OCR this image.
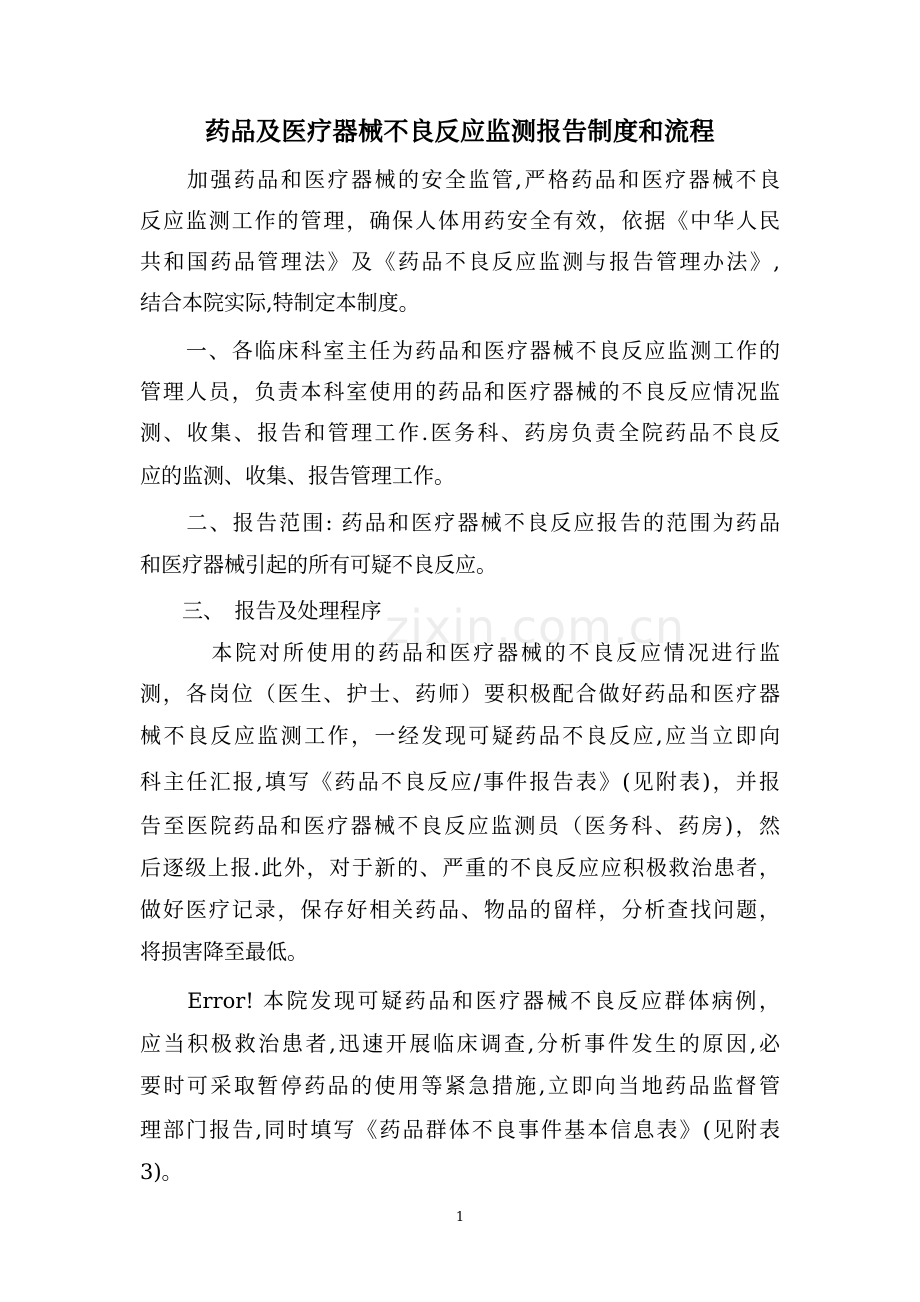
药品及医疗器械不良反应监测报告制度和流程
　　加强药品和医疗器械的安全监管,严格药品和医疗器械不良
反应监测工作的管理，确保人体用药安全有效，依据《中华人民
共和国药品管理法》及《药品不良反应监测与报告管理办法》,
结合本院实际,特制定本制度。
　　一、各临床科室主任为药品和医疗器械不良反应监测工作的
管理人员，负责本科室使用的药品和医疗器械的不良反应情况监
测、收集、报告和管理工作.医务科、药房负责全院药品不良反
应的监测、收集、报告管理工作。
　　二、报告范围: 药品和医疗器械不良反应报告的范围为药品
和医疗器械引起的所有可疑不良反应。
　　三、　报告及处理程序
　　　本院对所使用的药品和医疗器械的不良反应情况进行监
测，各岗位（医生、护士、药师）要积极配合做好药品和医疗器
械不良反应监测工作，一经发现可疑药品不良反应,应当立即向
科主任汇报,填写《药品不良反应/事件报告表》(见附表)，并报
告至医院药品和医疗器械不良反应监测员（医务科、药房)，然
后逐级上报.此外，对于新的、严重的不良反应应积极救治患者，
做好医疗记录，保存好相关药品、物品的留样，分析查找问题，
将损害降至最低。
　　Error! 本院发现可疑药品和医疗器械不良反应群体病例，
应当积极救治患者,迅速开展临床调查,分析事件发生的原因,必
要时可采取暂停药品的使用等紧急措施,立即向当地药品监督管
理部门报告,同时填写《药品群体不良事件基本信息表》(见附表
3)。
zixin.com.cn
1
